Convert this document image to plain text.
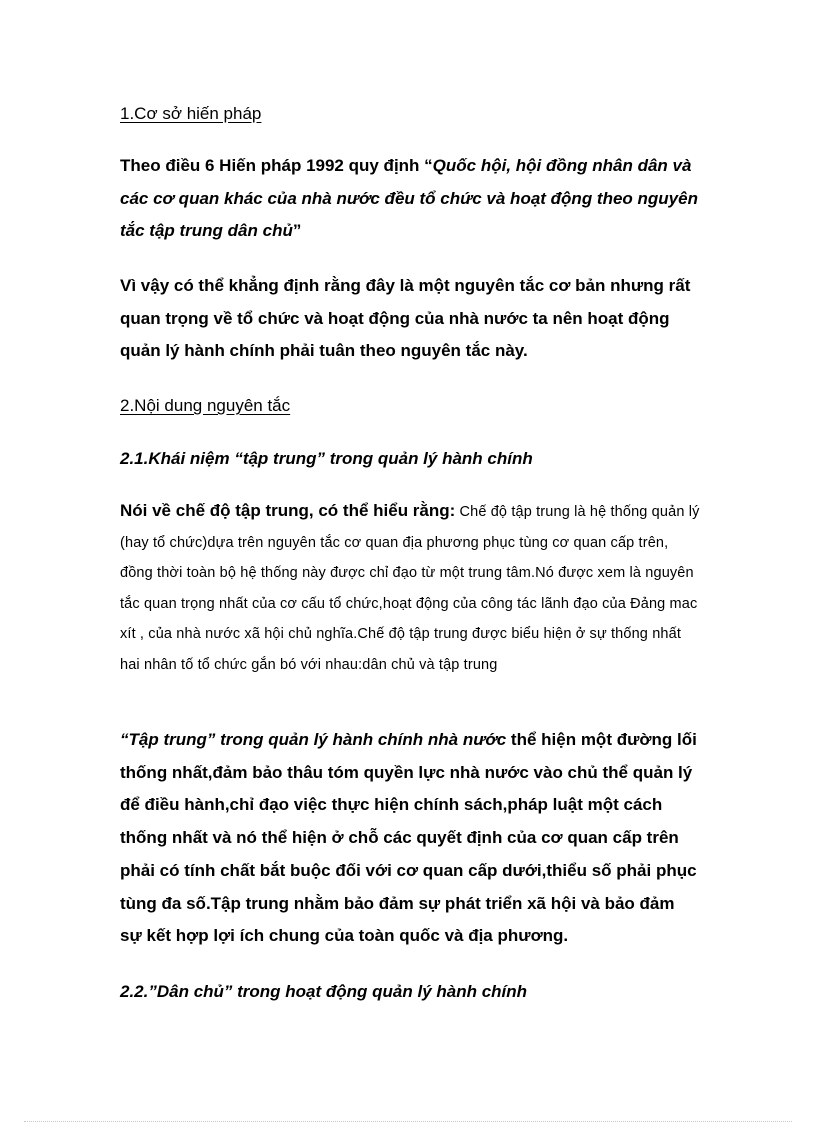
1.Cơ sở hiến pháp
Theo điều 6 Hiến pháp 1992 quy định “Quốc hội, hội đồng nhân dân và các cơ quan khác của nhà nước đều tổ chức và hoạt động theo nguyên tắc tập trung dân chủ”
Vì vậy có thể khẳng định rằng đây là một nguyên tắc cơ bản nhưng rất quan trọng về tổ chức và hoạt động của nhà nước ta nên hoạt động quản lý hành chính phải tuân theo nguyên tắc này.
2.Nội dung nguyên tắc
2.1.Khái niệm “tập trung” trong quản lý hành chính
Nói về chế độ tập trung, có thể hiểu rằng: Chế độ tập trung là hệ thống quản lý (hay tổ chức)dựa trên nguyên tắc cơ quan địa phương phục tùng cơ quan cấp trên, đồng thời toàn bộ hệ thống này được chỉ đạo từ một trung tâm.Nó được xem là nguyên tắc quan trọng nhất của cơ cấu tổ chức,hoạt động của công tác lãnh đạo của Đảng mac xít , của nhà nước xã hội chủ nghĩa.Chế độ tập trung được biểu hiện ở sự thống nhất hai nhân tố tổ chức gắn bó với nhau:dân chủ và tập trung
“Tập trung” trong quản lý hành chính nhà nước thể hiện một đường lối thống nhất,đảm bảo thâu tóm quyền lực nhà nước vào chủ thể quản lý để điều hành,chỉ đạo việc thực hiện chính sách,pháp luật một cách thống nhất và nó thể hiện ở chỗ các quyết định của cơ quan cấp trên phải có tính chất bắt buộc đối với cơ quan cấp dưới,thiểu số phải phục tùng đa số.Tập trung nhằm bảo đảm sự phát triển xã hội và bảo đảm sự kết hợp lợi ích chung của toàn quốc và địa phương.
2.2.”Dân chủ” trong hoạt động quản lý hành chính
